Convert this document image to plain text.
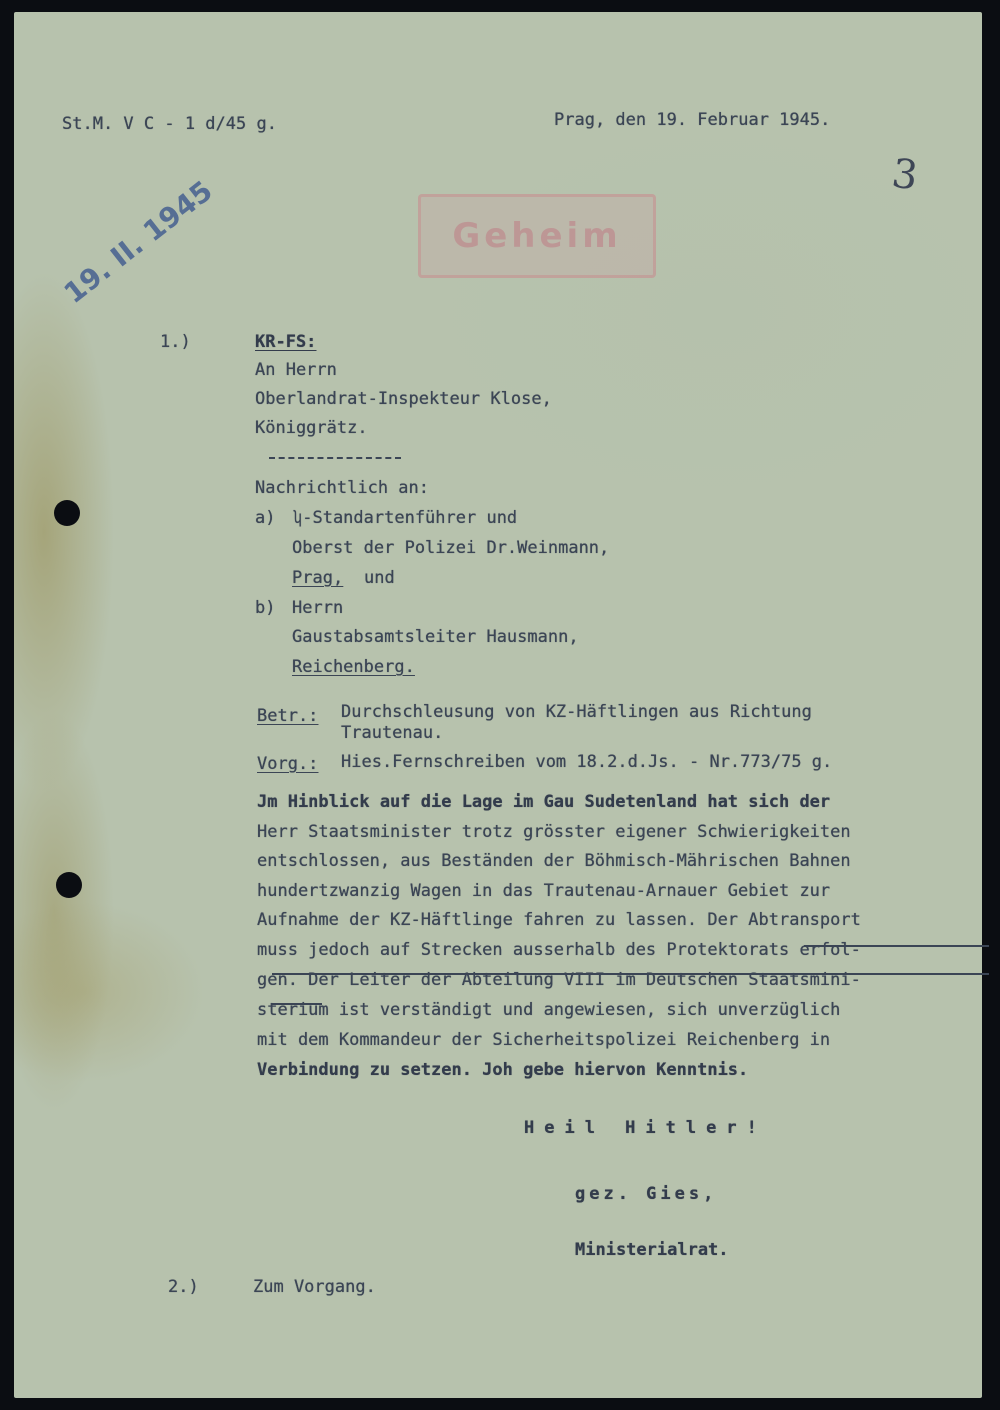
Geheim
19. II. 1945	3

St.M. V C - 1 d/45 g.	Prag, den 19. Februar 1945.

1.)	KR-FS:

An Herrn

Oberlandrat-Inspekteur Klose,

Königgrätz.

Nachrichtlich an:

a) ʮ-Standartenführer und

Oberst der Polizei Dr.Weinmann,

Prag, und

b) Herrn

Gaustabsamtsleiter Hausmann,

Reichenberg.

Betr.: Durchschleusung von KZ-Häftlingen aus Richtung

Trautenau.

Vorg.: Hies.Fernschreiben vom 18.2.d.Js. - Nr.773/75 g.

Jm Hinblick auf die Lage im Gau Sudetenland hat sich der

Herr Staatsminister trotz grösster eigener Schwierigkeiten

entschlossen, aus Beständen der Böhmisch-Mährischen Bahnen

hundertzwanzig Wagen in das Trautenau-Arnauer Gebiet zur

Aufnahme der KZ-Häftlinge fahren zu lassen. Der Abtransport

muss jedoch auf Strecken ausserhalb des Protektorats erfol-

gen. Der Leiter der Abteilung VIII im Deutschen Staatsmini-

sterium ist verständigt und angewiesen, sich unverzüglich

mit dem Kommandeur der Sicherheitspolizei Reichenberg in

Verbindung zu setzen. Joh gebe hiervon Kenntnis.

Heil Hitler!

gez. Gies,

Ministerialrat.

2.)	Zum Vorgang.
